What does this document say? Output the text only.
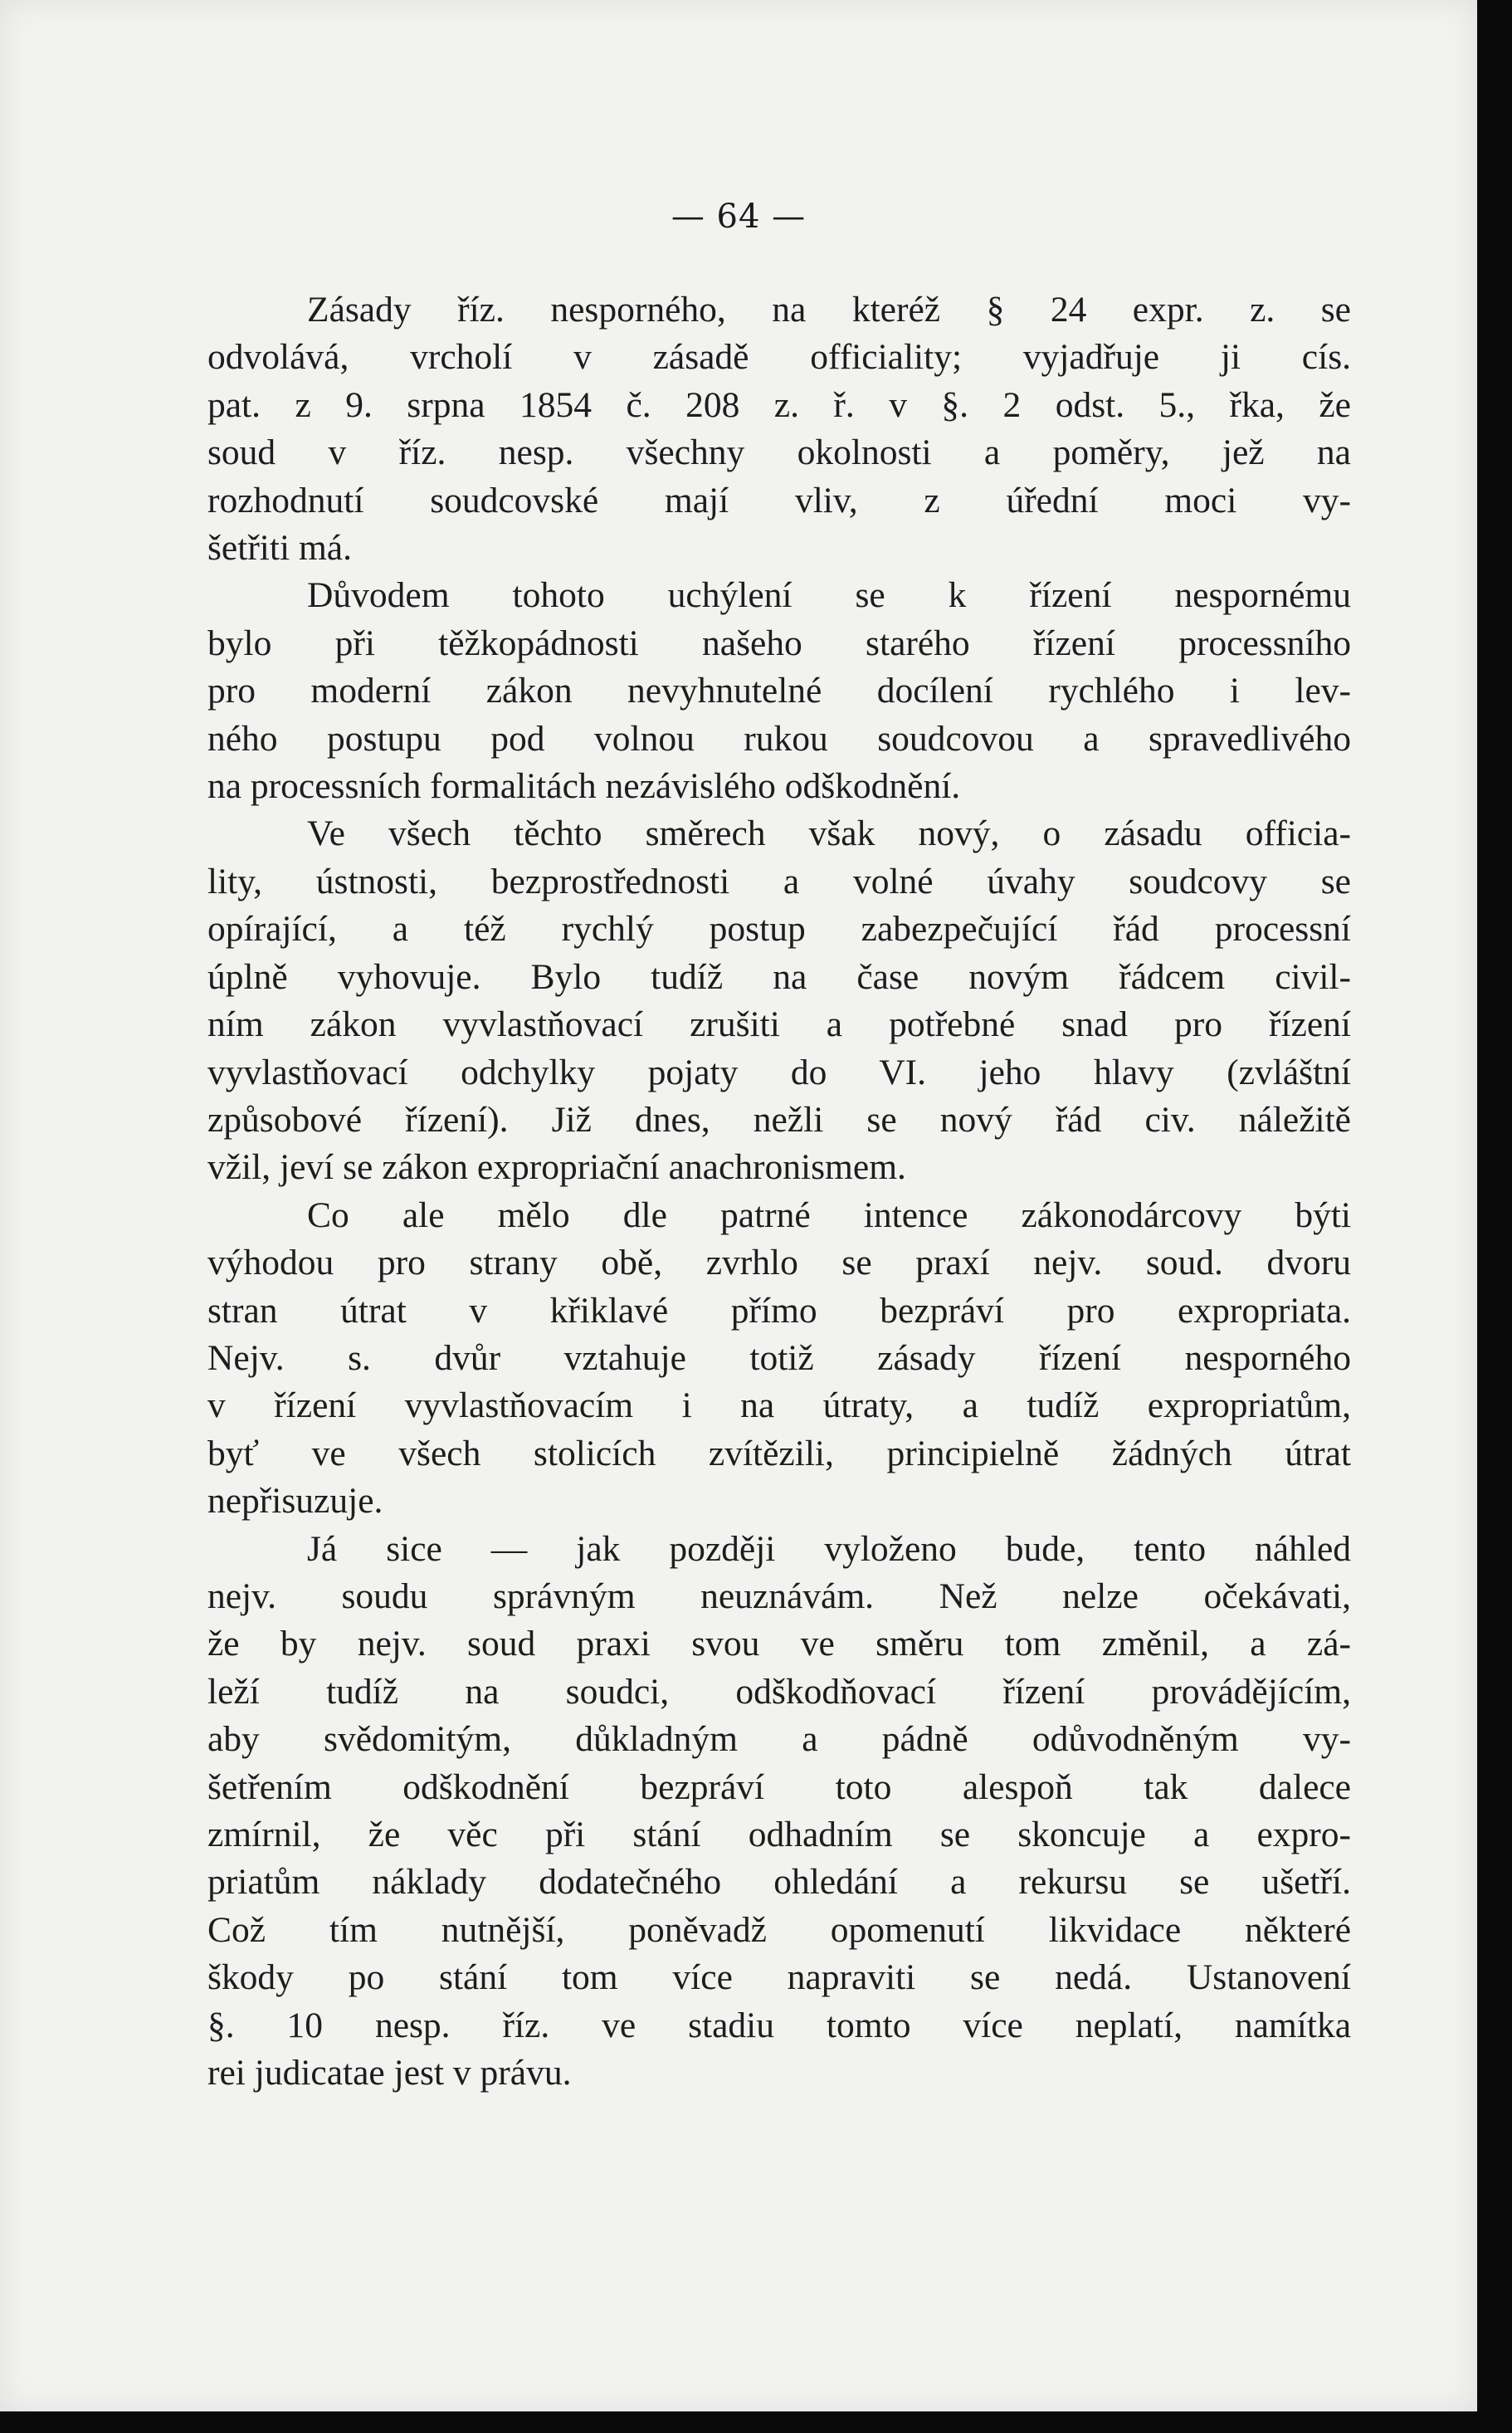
— 64 —

Zásady říz. nesporného, na kteréž § 24 expr. z. se
odvolává, vrcholí v zásadě officiality; vyjadřuje ji cís.
pat. z 9. srpna 1854 č. 208 z. ř. v §. 2 odst. 5., řka, že
soud v říz. nesp. všechny okolnosti a poměry, jež na
rozhodnutí soudcovské mají vliv, z úřední moci vy-
šetřiti má.

Důvodem tohoto uchýlení se k řízení nespornému
bylo při těžkopádnosti našeho starého řízení processního
pro moderní zákon nevyhnutelné docílení rychlého i lev-
ného postupu pod volnou rukou soudcovou a spravedlivého
na processních formalitách nezávislého odškodnění.

Ve všech těchto směrech však nový, o zásadu officia-
lity, ústnosti, bezprostřednosti a volné úvahy soudcovy se
opírající, a též rychlý postup zabezpečující řád processní
úplně vyhovuje. Bylo tudíž na čase novým řádcem civil-
ním zákon vyvlastňovací zrušiti a potřebné snad pro řízení
vyvlastňovací odchylky pojaty do VI. jeho hlavy (zvláštní
způsobové řízení). Již dnes, nežli se nový řád civ. náležitě
vžil, jeví se zákon expropriační anachronismem.

Co ale mělo dle patrné intence zákonodárcovy býti
výhodou pro strany obě, zvrhlo se praxí nejv. soud. dvoru
stran útrat v křiklavé přímo bezpráví pro expropriata.
Nejv. s. dvůr vztahuje totiž zásady řízení nesporného
v řízení vyvlastňovacím i na útraty, a tudíž expropriatům,
byť ve všech stolicích zvítězili, principielně žádných útrat
nepřisuzuje.

Já sice — jak později vyloženo bude, tento náhled
nejv. soudu správným neuznávám. Než nelze očekávati,
že by nejv. soud praxi svou ve směru tom změnil, a zá-
leží tudíž na soudci, odškodňovací řízení provádějícím,
aby svědomitým, důkladným a pádně odůvodněným vy-
šetřením odškodnění bezpráví toto alespoň tak dalece
zmírnil, že věc při stání odhadním se skoncuje a expro-
priatům náklady dodatečného ohledání a rekursu se ušetří.
Což tím nutnější, poněvadž opomenutí likvidace některé
škody po stání tom více napraviti se nedá. Ustanovení
§. 10 nesp. říz. ve stadiu tomto více neplatí, namítka
rei judicatae jest v právu.
